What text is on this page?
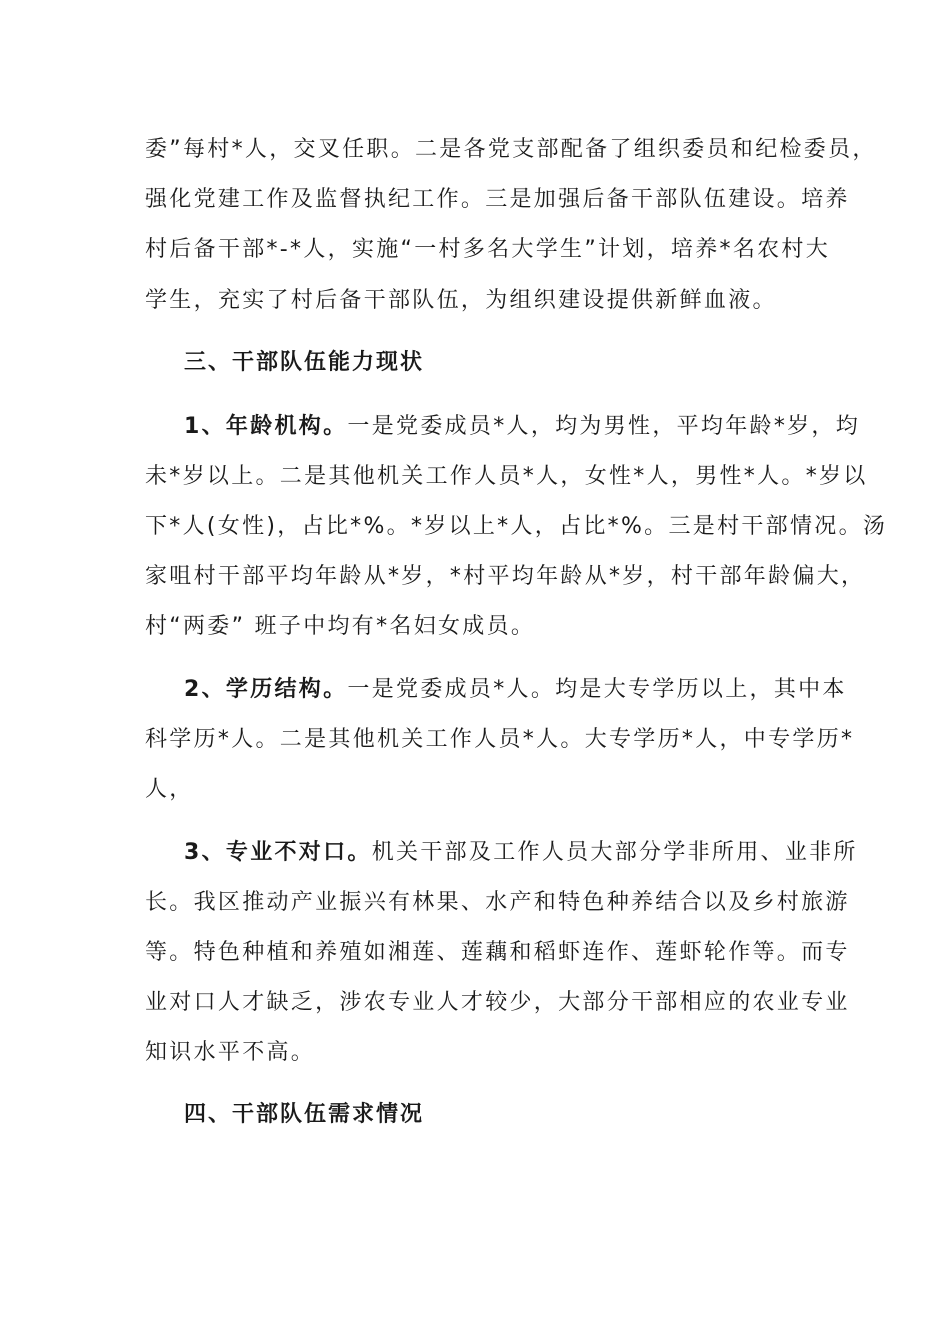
委”每村*人，交叉任职。二是各党支部配备了组织委员和纪检委员，
强化党建工作及监督执纪工作。三是加强后备干部队伍建设。培养
村后备干部*-*人，实施“一村多名大学生”计划，培养*名农村大
学生，充实了村后备干部队伍，为组织建设提供新鲜血液。
三、干部队伍能力现状
1、年龄机构。一是党委成员*人，均为男性，平均年龄*岁，均
未*岁以上。二是其他机关工作人员*人，女性*人，男性*人。*岁以
下*人(女性)，占比*%。*岁以上*人，占比*%。三是村干部情况。汤
家咀村干部平均年龄从*岁，*村平均年龄从*岁，村干部年龄偏大，
村“两委” 班子中均有*名妇女成员。
2、学历结构。一是党委成员*人。均是大专学历以上，其中本
科学历*人。二是其他机关工作人员*人。大专学历*人，中专学历*
人，
3、专业不对口。机关干部及工作人员大部分学非所用、业非所
长。我区推动产业振兴有林果、水产和特色种养结合以及乡村旅游
等。特色种植和养殖如湘莲、莲藕和稻虾连作、莲虾轮作等。而专
业对口人才缺乏，涉农专业人才较少，大部分干部相应的农业专业
知识水平不高。
四、干部队伍需求情况
